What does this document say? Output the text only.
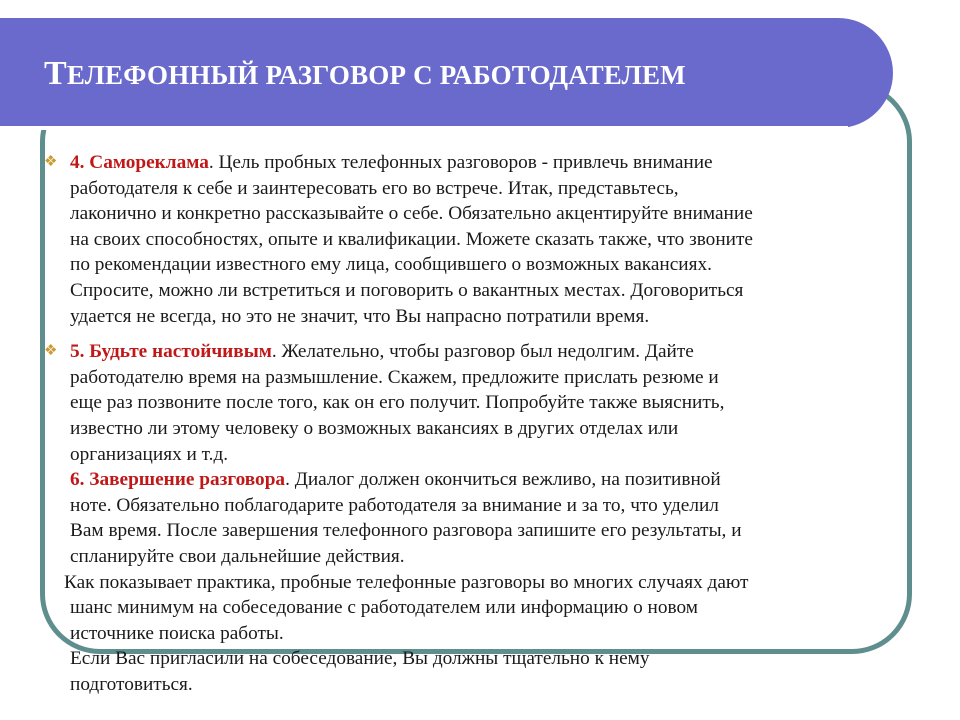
ТЕЛЕФОННЫЙ РАЗГОВОР С РАБОТОДАТЕЛЕМ

❖ 4. Самореклама. Цель пробных телефонных разговоров - привлечь внимание
работодателя к себе и заинтересовать его во встрече. Итак, представьтесь,
лаконично и конкретно рассказывайте о себе. Обязательно акцентируйте внимание
на своих способностях, опыте и квалификации. Можете сказать также, что звоните
по рекомендации известного ему лица, сообщившего о возможных вакансиях.
Спросите, можно ли встретиться и поговорить о вакантных местах. Договориться
удается не всегда, но это не значит, что Вы напрасно потратили время.

❖ 5. Будьте настойчивым. Желательно, чтобы разговор был недолгим. Дайте
работодателю время на размышление. Скажем, предложите прислать резюме и
еще раз позвоните после того, как он его получит. Попробуйте также выяснить,
известно ли этому человеку о возможных вакансиях в других отделах или
организациях и т.д.

6. Завершение разговора. Диалог должен окончиться вежливо, на позитивной
ноте. Обязательно поблагодарите работодателя за внимание и за то, что уделил
Вам время. После завершения телефонного разговора запишите его результаты, и
спланируйте свои дальнейшие действия.

Как показывает практика, пробные телефонные разговоры во многих случаях дают
шанс минимум на собеседование с работодателем или информацию о новом
источнике поиска работы.
Если Вас пригласили на собеседование, Вы должны тщательно к нему
подготовиться.
